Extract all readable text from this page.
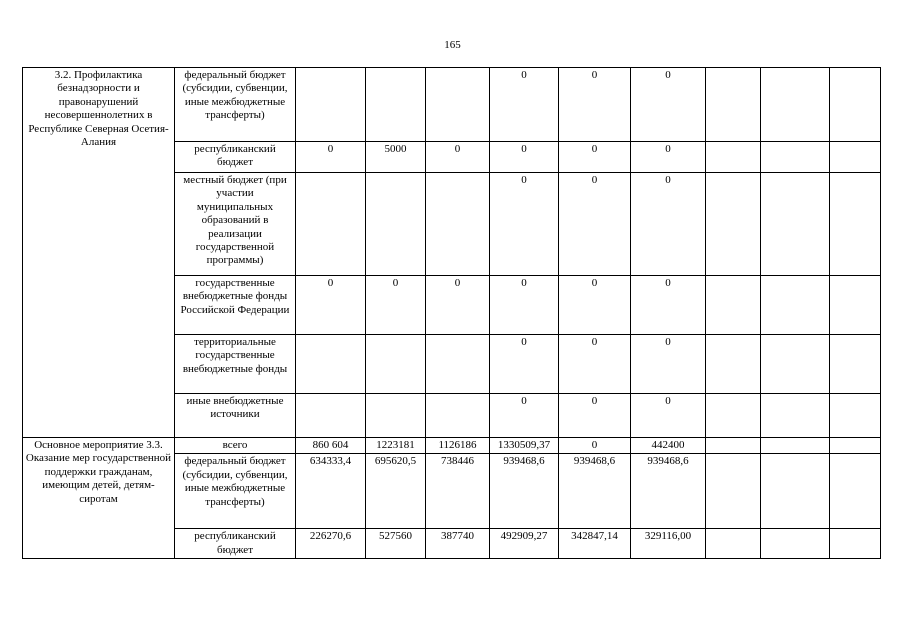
165
3.2. Профилактика безнадзорности и правонарушений несовершеннолетних в Республике Северная Осетия-Алания	федеральный бюджет (субсидии, субвенции, иные межбюджетные трансферты)				0	0	0			
	республиканский бюджет	0	5000	0	0	0	0			
	местный бюджет (при участии муниципальных образований в реализации государственной программы)				0	0	0			
	государственные внебюджетные фонды Российской Федерации	0	0	0	0	0	0			
	территориальные государственные внебюджетные фонды				0	0	0			
	иные внебюджетные источники				0	0	0			
Основное мероприятие 3.3. Оказание мер государственной поддержки гражданам, имеющим детей, детям-сиротам	всего	860 604	1223181	1126186	1330509,37	0	442400			
	федеральный бюджет (субсидии, субвенции, иные межбюджетные трансферты)	634333,4	695620,5	738446	939468,6	939468,6	939468,6			
	республиканский бюджет	226270,6	527560	387740	492909,27	342847,14	329116,00			
